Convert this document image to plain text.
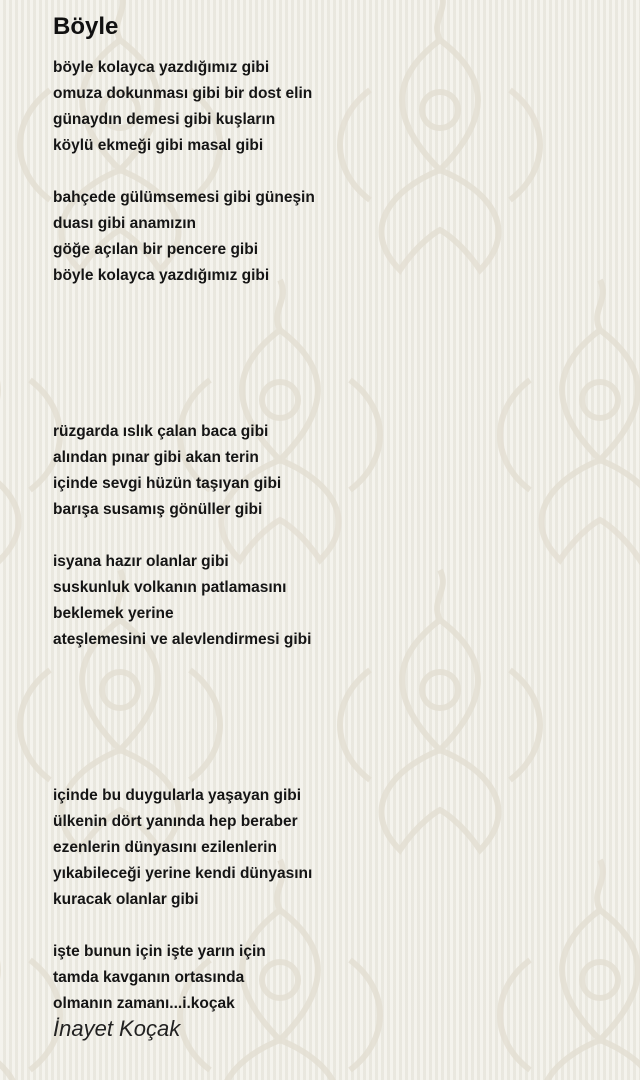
Böyle
böyle kolayca yazdığımız gibi
omuza dokunması gibi bir dost elin
günaydın demesi gibi kuşların
köylü ekmeği gibi masal gibi
bahçede gülümsemesi gibi güneşin
duası gibi anamızın
göğe açılan bir pencere gibi
böyle kolayca yazdığımız gibi
rüzgarda ıslık çalan baca gibi
alından pınar gibi akan terin
içinde sevgi hüzün taşıyan gibi
barışa susamış gönüller gibi
isyana hazır olanlar gibi
suskunluk volkanın patlamasını
beklemek yerine
ateşlemesini ve alevlendirmesi gibi
içinde bu duygularla yaşayan gibi
ülkenin dört yanında hep beraber
ezenlerin dünyasını ezilenlerin
yıkabileceği yerine kendi dünyasını
kuracak olanlar gibi
işte bunun için işte yarın için
tamda kavganın ortasında
olmanın zamanı...i.koçak
İnayet Koçak
